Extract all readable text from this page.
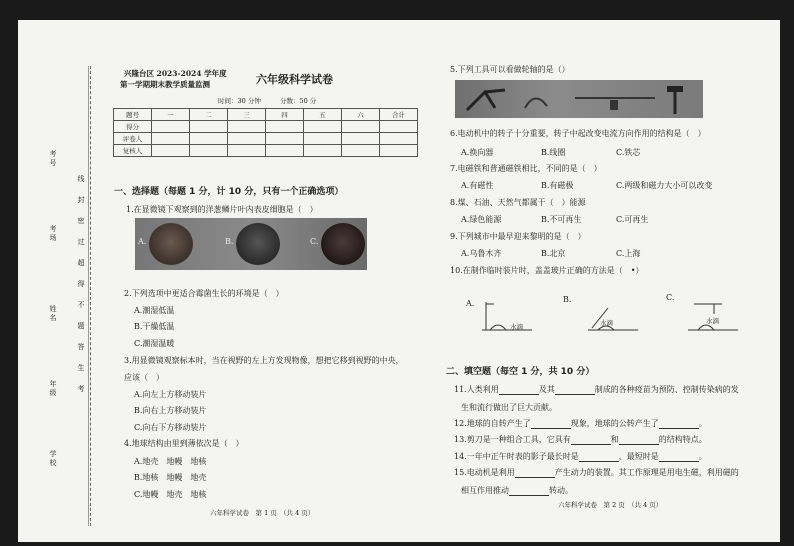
考号
考场
姓名
年级
学校
线封密过超得不题答生考
兴隆台区 2023-2024 学年度
第一学期期末教学质量监测	六年级科学试卷
时间：30 分钟	分数：50 分
题号	一	二	三	四	五	六	合计
得分							
评卷人							
复核人							
一、选择题（每题 1 分，计 10 分，只有一个正确选项）
1.在显微镜下观察到的洋葱鳞片叶内表皮细胞是（　）
A.	B.	C.
2.下列选项中更适合霉菌生长的环境是（　）
A.潮湿低温
B.干燥低温
C.潮湿温暖
3.用显微镜观察标本时，当在视野的左上方发现物像，想把它移到视野的中央，
应该（　）
A.向左上方移动装片
B.向右上方移动装片
C.向右下方移动装片
4.地球结构由里到薄依次是（　）
A.地壳　地幔　地核
B.地核　地幔　地壳
C.地幔　地壳　地核
六年科学试卷　第 1 页　（共 4 页）
5.下列工具可以看做轮轴的是（）
6.电动机中的转子十分重要，转子中起改变电流方向作用的结构是（　）
A.换向器	B.线圈	C.铁芯
7.电磁铁和普通磁铁相比，不同的是（　）
A.有磁性	B.有磁极	C.两级和磁力大小可以改变
8.煤、石油、天然气都属于（　）能源
A.绿色能源	B.不可再生	C.可再生
9.下列城市中最早迎来黎明的是（　）
A.乌鲁木齐	B.北京	C.上海
10.在制作临时装片时，盖盖玻片正确的方法是（　•）
A.	B.	C.
水滴	水滴	水滴
二、填空题（每空 1 分，共 10 分）
11.人类利用	及其	制成的各种疫苗为预防、控制传染病的发
生和流行做出了巨大贡献。
12.地球的自转产生了	现象，地球的公转产生了	。
13.剪刀是一种组合工具，它具有	和	的结构特点。
14.一年中正午时表的影子最长时是	，最短时是	。
15.电动机是利用	产生动力的装置。其工作原理是用电生磁，利用磁的
相互作用推动	转动。
六年科学试卷　第 2 页　（共 4 页）
